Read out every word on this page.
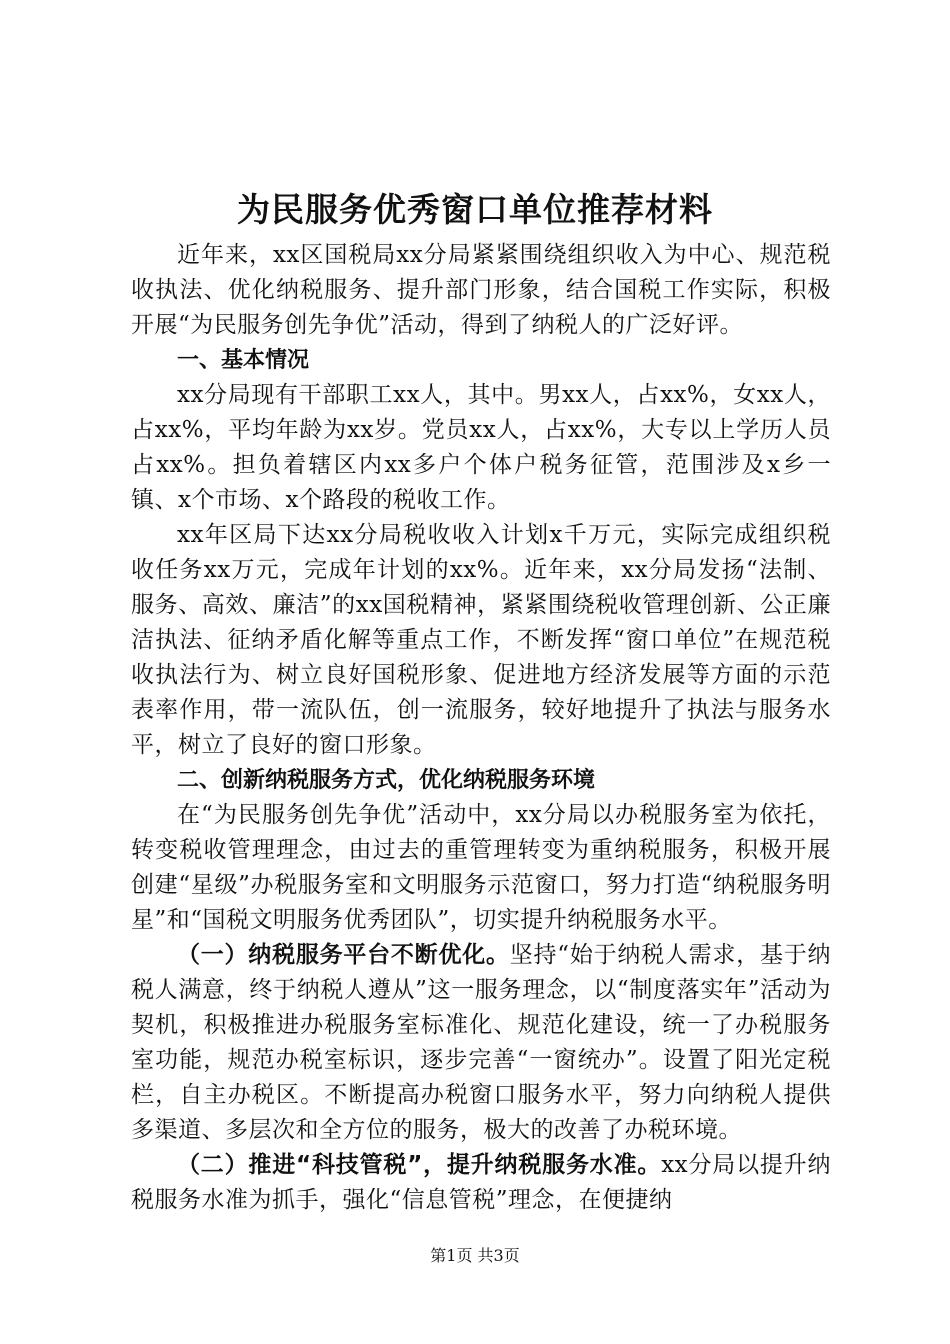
为民服务优秀窗口单位推荐材料

近年来，xx区国税局xx分局紧紧围绕组织收入为中心、规范税收执法、优化纳税服务、提升部门形象，结合国税工作实际，积极开展“为民服务创先争优”活动，得到了纳税人的广泛好评。

一、基本情况

xx分局现有干部职工xx人，其中。男xx人，占xx%，女xx人，占xx%，平均年龄为xx岁。党员xx人，占xx%，大专以上学历人员占xx%。担负着辖区内xx多户个体户税务征管，范围涉及x乡一镇、x个市场、x个路段的税收工作。

xx年区局下达xx分局税收收入计划x千万元，实际完成组织税收任务xx万元，完成年计划的xx%。近年来，xx分局发扬“法制、服务、高效、廉洁”的xx国税精神，紧紧围绕税收管理创新、公正廉洁执法、征纳矛盾化解等重点工作，不断发挥“窗口单位”在规范税收执法行为、树立良好国税形象、促进地方经济发展等方面的示范表率作用，带一流队伍，创一流服务，较好地提升了执法与服务水平，树立了良好的窗口形象。

二、创新纳税服务方式，优化纳税服务环境

在“为民服务创先争优”活动中，xx分局以办税服务室为依托，转变税收管理理念，由过去的重管理转变为重纳税服务，积极开展创建“星级”办税服务室和文明服务示范窗口，努力打造“纳税服务明星”和“国税文明服务优秀团队”，切实提升纳税服务水平。

（一）纳税服务平台不断优化。坚持“始于纳税人需求，基于纳税人满意，终于纳税人遵从”这一服务理念，以“制度落实年”活动为契机，积极推进办税服务室标准化、规范化建设，统一了办税服务室功能，规范办税室标识，逐步完善“一窗统办”。设置了阳光定税栏，自主办税区。不断提高办税窗口服务水平，努力向纳税人提供多渠道、多层次和全方位的服务，极大的改善了办税环境。

（二）推进“科技管税”，提升纳税服务水准。xx分局以提升纳税服务水准为抓手，强化“信息管税”理念，在便捷纳

第1页 共3页
